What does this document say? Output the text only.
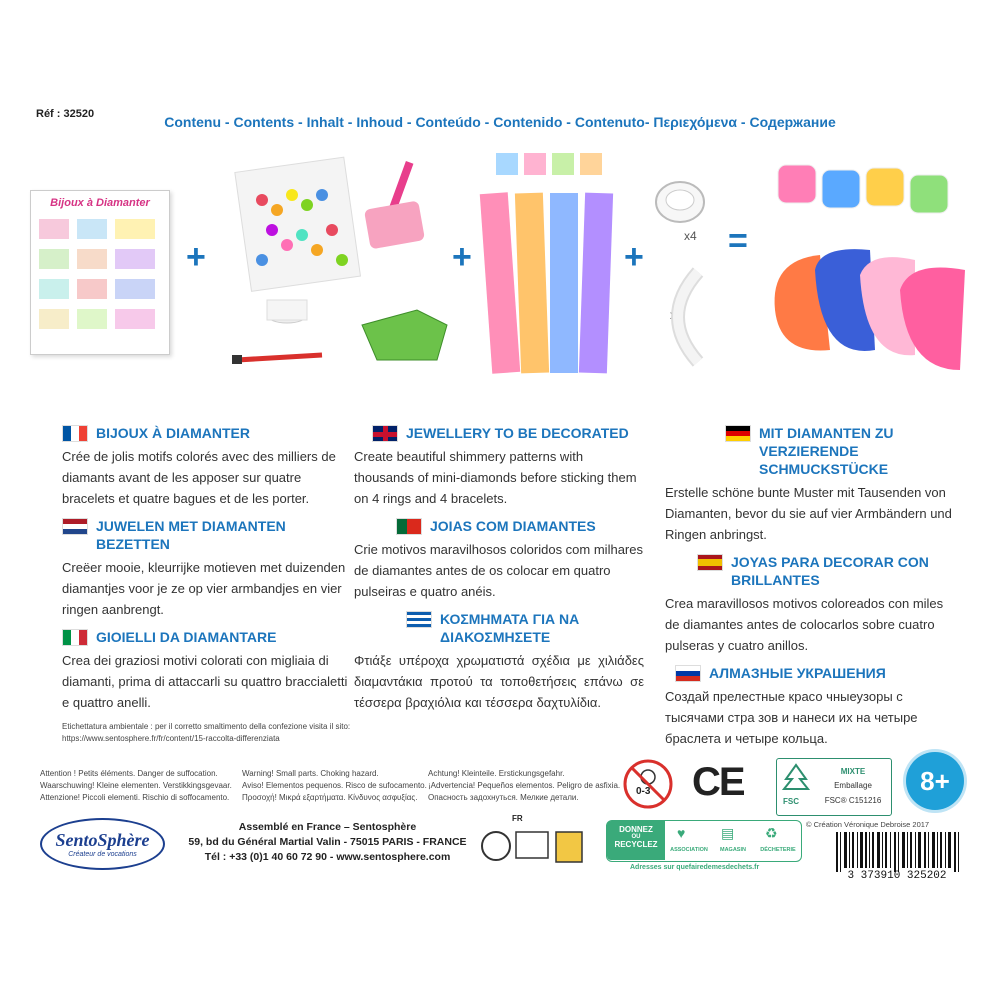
Réf : 32520	Contenu - Contents - Inhalt - Inhoud - Conteúdo - Contenido - Contenuto- Περιεχόμενα - Содержание
Bijoux à Diamanter
+	+	+
x4
x4
=
BIJOUX À DIAMANTER
Crée de jolis motifs colorés avec des milliers de diamants avant de les apposer sur quatre bracelets et quatre bagues et de les porter.
JUWELEN MET DIAMANTEN BEZETTEN
Creëer mooie, kleurrijke motieven met duizenden diamantjes voor je ze op vier armbandjes en vier ringen aanbrengt.
GIOIELLI DA DIAMANTARE
Crea dei graziosi motivi colorati con migliaia di diamanti, prima di attaccarli su quattro braccialetti e quattro anelli.
Etichettatura ambientale : per il corretto smaltimento della confezione visita il sito: https://www.sentosphere.fr/fr/content/15-raccolta-differenziata
JEWELLERY TO BE DECORATED
Create beautiful shimmery patterns with thousands of mini-diamonds before sticking them on 4 rings and 4 bracelets.
JOIAS COM DIAMANTES
Crie motivos maravilhosos coloridos com milhares de diamantes antes de os colocar em quatro pulseiras e quatro anéis.
ΚΟΣΜΗΜΑΤΑ ΓΙΑ ΝΑ ΔΙΑΚΟΣΜΗΣΕΤΕ
Φτιάξε υπέροχα χρωματιστά σχέδια με χιλιάδες διαμαντάκια προτού τα τοποθετήσεις επάνω σε τέσσερα βραχιόλια και τέσσερα δαχτυλίδια.
MIT DIAMANTEN ZU VERZIERENDE SCHMUCKSTÜCKE
Erstelle schöne bunte Muster mit Tausenden von Diamanten, bevor du sie auf vier Armbändern und Ringen anbringst.
JOYAS PARA DECORAR CON BRILLANTES
Crea maravillosos motivos coloreados con miles de diamantes antes de colocarlos sobre cuatro pulseras y cuatro anillos.
АЛМАЗНЫЕ УКРАШЕНИЯ
Создай прелестные красо чныеузоры с тысячами стра зов и нанеси их на четыре браслета и четыре кольца.
Attention ! Petits éléments. Danger de suffocation.
Waarschuwing! Kleine elementen. Verstikkingsgevaar.
Attenzione! Piccoli elementi. Rischio di soffocamento.
Warning! Small parts. Choking hazard.
Aviso! Elementos pequenos. Risco de sufocamento.
Προσοχή! Μικρά εξαρτήματα. Κίνδυνος ασφυξίας.
Achtung! Kleinteile. Erstickungsgefahr.
¡Advertencia! Pequeños elementos. Peligro de asfixia.
Опасность задохнуться. Мелкие детали.
0-3 CE	FSC
MIXTE
Emballage
FSC® C151216
8+
SentoSphère
Créateur de vocations
Assemblé en France – Sentosphère
59, bd du Général Martial Valin - 75015 PARIS - FRANCE
Tél : +33 (0)1 40 60 72 90 - www.sentosphere.com
FR
DONNEZ
OU
RECYCLEZ
♥	▤ ♻
ASSOCIATION	MAGASIN	DÉCHETERIE
Adresses sur quefairedemesdechets.fr
© Création Véronique Debroise 2017
3 373910 325202
